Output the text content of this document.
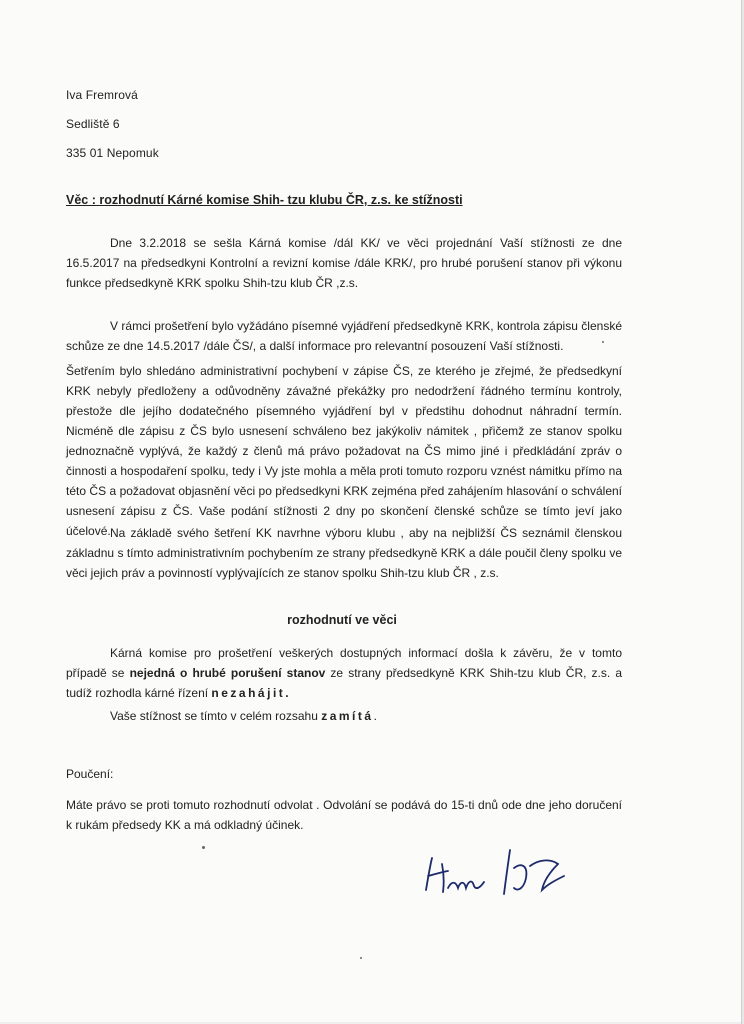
Iva Fremrová
Sedliště 6
335 01 Nepomuk
Věc : rozhodnutí Kárné komise Shih- tzu klubu ČR, z.s. ke stížnosti
Dne 3.2.2018 se sešla Kárná komise /dál KK/ ve věci projednání Vaší stížnosti ze dne 16.5.2017 na předsedkyni Kontrolní a revizní komise /dále KRK/, pro hrubé porušení stanov při výkonu funkce předsedkyně KRK spolku Shih-tzu klub ČR ,z.s.
V rámci prošetření bylo vyžádáno písemné vyjádření předsedkyně KRK, kontrola zápisu členské schůze ze dne 14.5.2017 /dále ČS/, a další informace pro relevantní posouzení Vaší stížnosti.
Šetřením bylo shledáno administrativní pochybení v zápise ČS, ze kterého je zřejmé, že předsedkyní KRK nebyly předloženy a odůvodněny závažné překážky pro nedodržení řádného termínu kontroly, přestože dle jejího dodatečného písemného vyjádření byl v předstihu dohodnut náhradní termín. Nicméně dle zápisu z ČS bylo usnesení schváleno bez jakýkoliv námitek , přičemž ze stanov spolku jednoznačně vyplývá, že každý z členů má právo požadovat na ČS mimo jiné i předkládání zpráv o činnosti a hospodaření spolku, tedy i Vy jste mohla a měla proti tomuto rozporu vznést námitku přímo na této ČS a požadovat objasnění věci po předsedkyni KRK zejména před zahájením hlasování o schválení usnesení zápisu z ČS. Vaše podání stížnosti 2 dny po skončení členské schůze se tímto jeví jako účelové. Na základě svého šetření KK navrhne výboru klubu , aby na nejbližší ČS seznámil členskou základnu s tímto administrativním pochybením ze strany předsedkyně KRK a dále poučil členy spolku ve věci jejich práv a povinností vyplývajících ze stanov spolku Shih-tzu klub ČR , z.s.
rozhodnutí ve věci
Kárná komise pro prošetření veškerých dostupných informací došla k závěru, že v tomto případě se nejedná o hrubé porušení stanov ze strany předsedkyně KRK Shih-tzu klub ČR, z.s. a tudíž rozhodla kárné řízení nezahájit.
Vaše stížnost se tímto v celém rozsahu zamítá.
Poučení:
Máte právo se proti tomuto rozhodnutí odvolat . Odvolání se podává do 15-ti dnů ode dne jeho doručení k rukám předsedy KK a má odkladný účinek.
